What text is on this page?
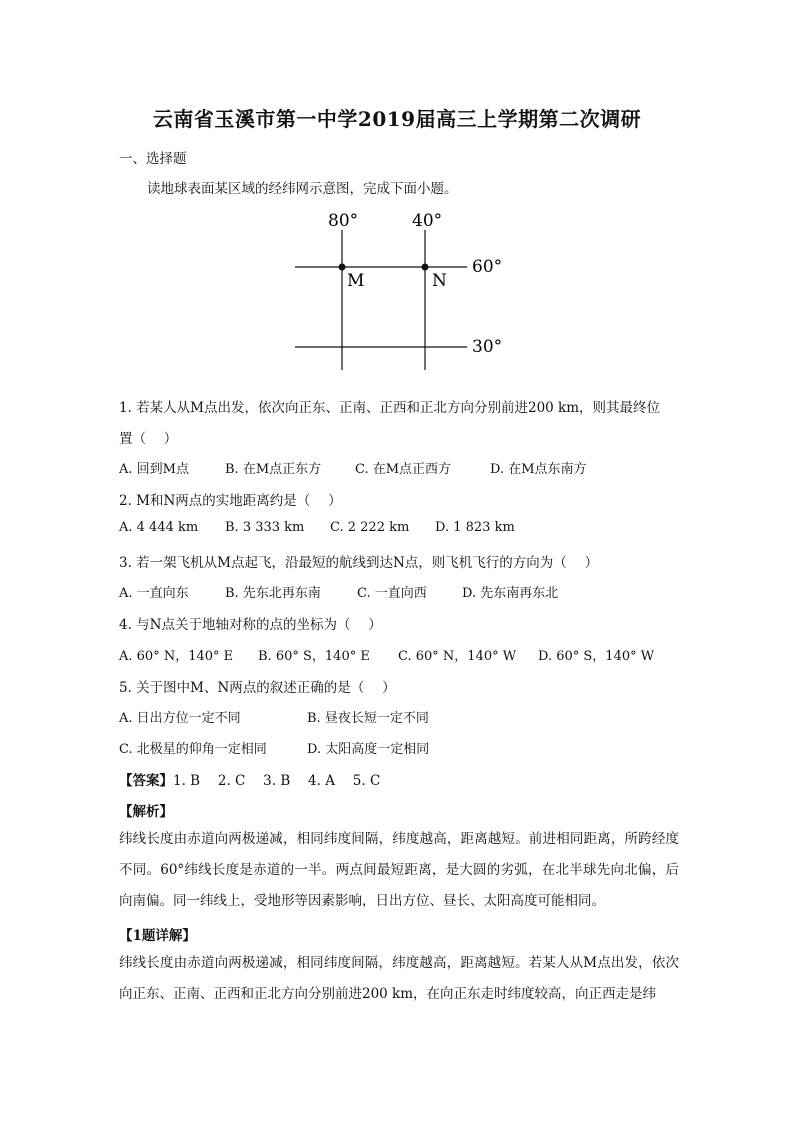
云南省玉溪市第一中学2019届高三上学期第二次调研

一、选择题

读地球表面某区域的经纬网示意图，完成下面小题。

80°	40°
60°
30°
M	N

1. 若某人从M点出发，依次向正东、正南、正西和正北方向分别前进200 km，则其最终位

置（　 ）

A. 回到M点	B. 在M点正东方	C. 在M点正西方	D. 在M点东南方

2. M和N两点的实地距离约是（　 ）

A. 4 444 km B. 3 333 km C. 2 222 km D. 1 823 km

3. 若一架飞机从M点起飞，沿最短的航线到达N点，则飞机飞行的方向为（　 ）

A. 一直向东	B. 先东北再东南	C. 一直向西	D. 先东南再东北

4. 与N点关于地轴对称的点的坐标为（　 ）

A. 60° N，140° E B. 60° S，140° E C. 60° N，140° W D. 60° S，140° W

5. 关于图中M、N两点的叙述正确的是（　 ）

A. 日出方位一定不同	B. 昼夜长短一定不同
C. 北极星的仰角一定相同	D. 太阳高度一定相同

【答案】1. B　 2. C　 3. B　 4. A　 5. C

【解析】

纬线长度由赤道向两极递减，相同纬度间隔，纬度越高，距离越短。前进相同距离，所跨经度不同。60°纬线长度是赤道的一半。两点间最短距离，是大圆的劣弧，在北半球先向北偏，后向南偏。同一纬线上，受地形等因素影响，日出方位、昼长、太阳高度可能相同。

【1题详解】

纬线长度由赤道向两极递减，相同纬度间隔，纬度越高，距离越短。若某人从M点出发，依次向正东、正南、正西和正北方向分别前进200 km，在向正东走时纬度较高，向正西走是纬
